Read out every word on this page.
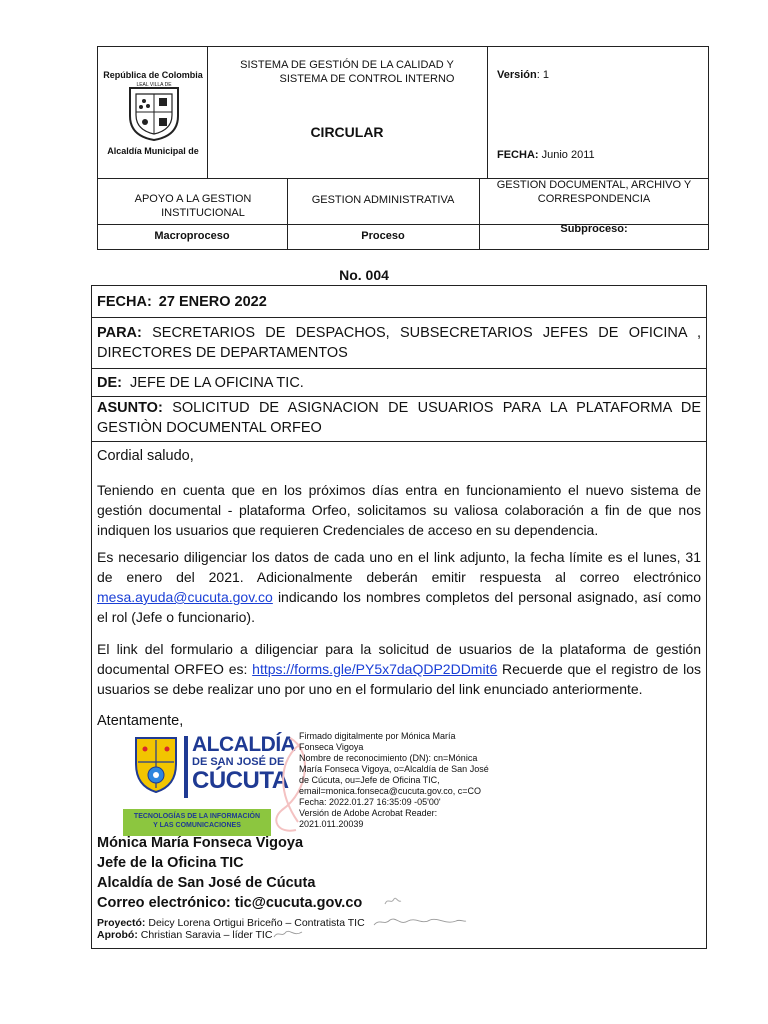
República de Colombia
LEAL VILLA DE
Alcaldía Municipal de
SISTEMA DE GESTIÓN DE LA CALIDAD Y
SISTEMA DE CONTROL INTERNO
CIRCULAR
Versión: 1
FECHA: Junio 2011
APOYO A LA GESTION
INSTITUCIONAL
GESTION ADMINISTRATIVA
GESTION DOCUMENTAL, ARCHIVO Y
CORRESPONDENCIA
Macroproceso	Proceso
Subproceso:
No. 004
FECHA: 27 ENERO 2022
PARA: SECRETARIOS DE DESPACHOS, SUBSECRETARIOS JEFES DE OFICINA , DIRECTORES DE DEPARTAMENTOS
DE: JEFE DE LA OFICINA TIC.
ASUNTO: SOLICITUD DE ASIGNACION DE USUARIOS PARA LA PLATAFORMA DE GESTIÒN DOCUMENTAL ORFEO
Cordial saludo,
Teniendo en cuenta que en los próximos días entra en funcionamiento el nuevo sistema de gestión documental - plataforma Orfeo, solicitamos su valiosa colaboración a fin de que nos indiquen los usuarios que requieren Credenciales de acceso en su dependencia.
Es necesario diligenciar los datos de cada uno en el link adjunto, la fecha límite es el lunes, 31 de enero del 2021. Adicionalmente deberán emitir respuesta al correo electrónico mesa.ayuda@cucuta.gov.co indicando los nombres completos del personal asignado, así como el rol (Jefe o funcionario).
El link del formulario a diligenciar para la solicitud de usuarios de la plataforma de gestión documental ORFEO es: https://forms.gle/PY5x7daQDP2DDmit6 Recuerde que el registro de los usuarios se debe realizar uno por uno en el formulario del link enunciado anteriormente.
Atentamente,
ALCALDÍA
DE SAN JOSÉ DE
CÚCUTA
TECNOLOGÍAS DE LA INFORMACIÓN
Y LAS COMUNICACIONES
Firmado digitalmente por Mónica María
Fonseca Vigoya
Nombre de reconocimiento (DN): cn=Mónica
María Fonseca Vigoya, o=Alcaldía de San José
de Cúcuta, ou=Jefe de Oficina TIC,
email=monica.fonseca@cucuta.gov.co, c=CO
Fecha: 2022.01.27 16:35:09 -05'00'
Versión de Adobe Acrobat Reader:
2021.011.20039
Mónica María Fonseca Vigoya
Jefe de la Oficina TIC
Alcaldía de San José de Cúcuta
Correo electrónico: tic@cucuta.gov.co
Proyectó: Deicy Lorena Ortigui Briceño – Contratista TIC
Aprobó: Christian Saravia – líder TIC
